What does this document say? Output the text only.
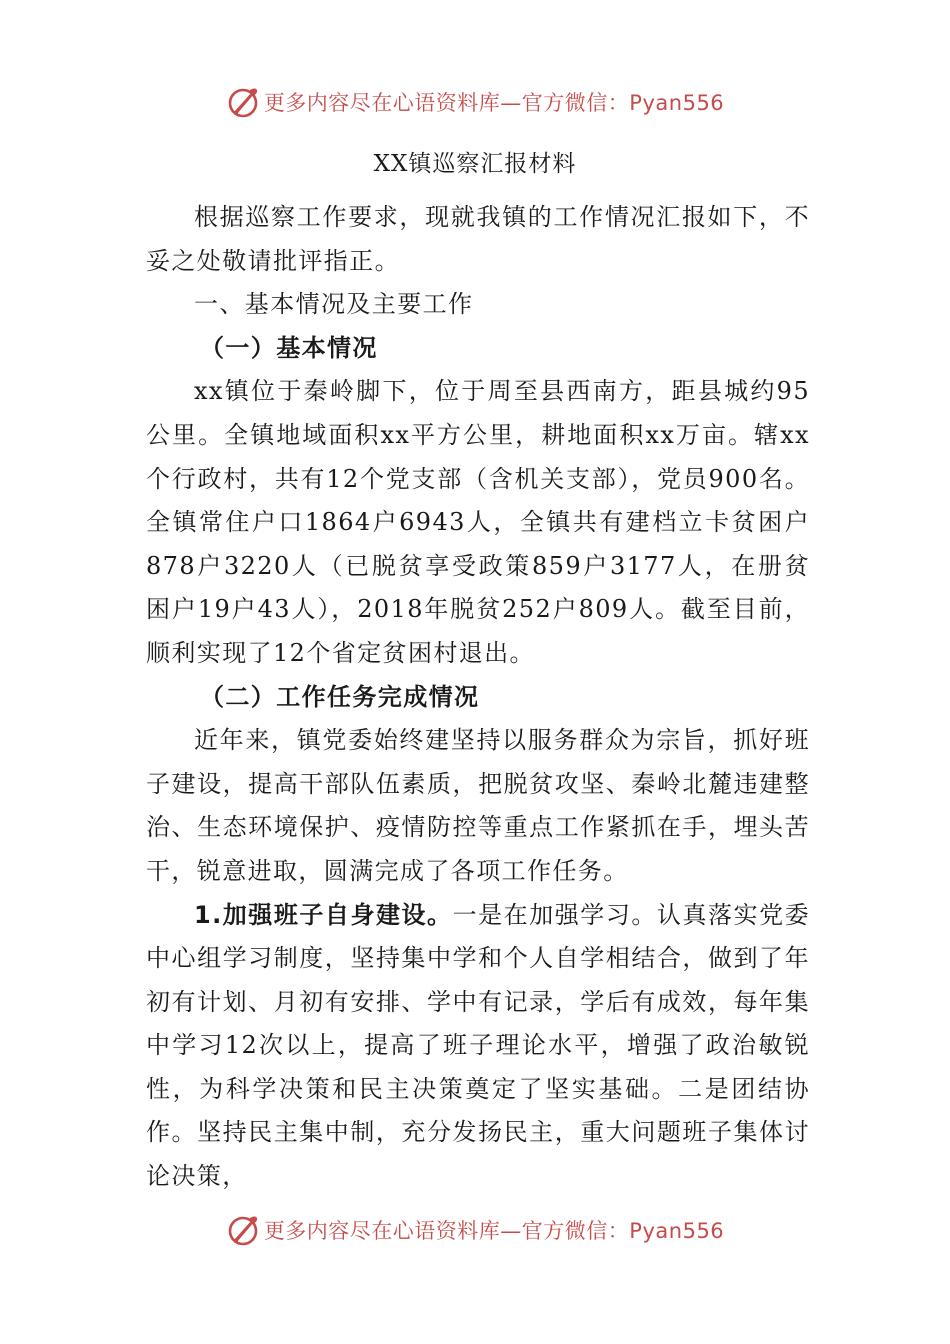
更多内容尽在心语资料库—官方微信：Pyan556
XX镇巡察汇报材料

根据巡察工作要求，现就我镇的工作情况汇报如下，不妥之处敬请批评指正。

一、基本情况及主要工作

（一）基本情况

xx镇位于秦岭脚下，位于周至县西南方，距县城约95公里。全镇地域面积xx平方公里，耕地面积xx万亩。辖xx个行政村，共有12个党支部（含机关支部），党员900名。全镇常住户口1864户6943人，全镇共有建档立卡贫困户878户3220人（已脱贫享受政策859户3177人，在册贫困户19户43人），2018年脱贫252户809人。截至目前，顺利实现了12个省定贫困村退出。

（二）工作任务完成情况

近年来，镇党委始终建坚持以服务群众为宗旨，抓好班子建设，提高干部队伍素质，把脱贫攻坚、秦岭北麓违建整治、生态环境保护、疫情防控等重点工作紧抓在手，埋头苦干，锐意进取，圆满完成了各项工作任务。

1.加强班子自身建设。一是在加强学习。认真落实党委中心组学习制度，坚持集中学和个人自学相结合，做到了年初有计划、月初有安排、学中有记录，学后有成效，每年集中学习12次以上，提高了班子理论水平，增强了政治敏锐性，为科学决策和民主决策奠定了坚实基础。二是团结协作。坚持民主集中制，充分发扬民主，重大问题班子集体讨论决策，

更多内容尽在心语资料库—官方微信：Pyan556
